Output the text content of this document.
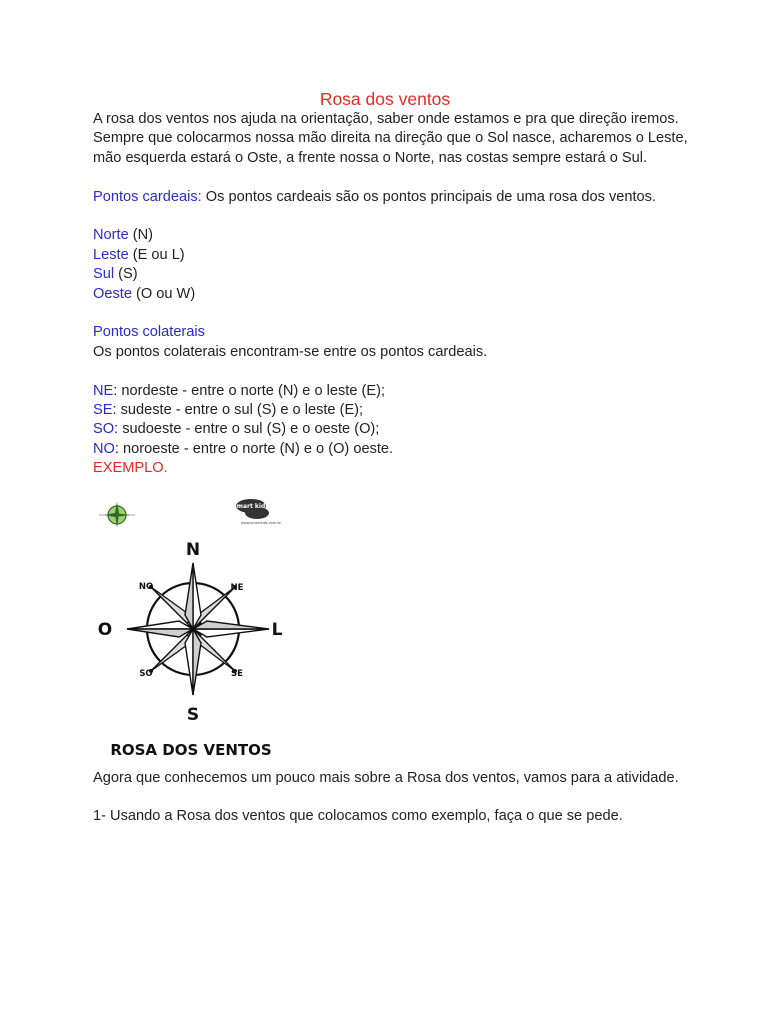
Rosa dos ventos

A rosa dos ventos nos ajuda na orientação, saber onde estamos e pra que direção iremos.

Sempre que colocarmos nossa mão direita na direção que o Sol nasce, acharemos o Leste, mão esquerda estará o Oste, a frente nossa o Norte, nas costas sempre estará o Sul.

Pontos cardeais: Os pontos cardeais são os pontos principais de uma rosa dos ventos.

Norte (N)

Leste (E ou L)

Sul (S)

Oeste (O ou W)

Pontos colaterais

Os pontos colaterais encontram-se entre os pontos cardeais.

NE: nordeste - entre o norte (N) e o leste (E);

SE: sudeste - entre o sul (S) e o leste (E);

SO: sudoeste - entre o sul (S) e o oeste (O);

NO: noroeste - entre o norte (N) e o (O) oeste.

EXEMPLO.

smart kids
www.smartkids.com.br
N
S
O	L
NO	NE
SO	SE
ROSA DOS VENTOS

Agora que conhecemos um pouco mais sobre a Rosa dos ventos, vamos para a atividade.

1- Usando a Rosa dos ventos que colocamos como exemplo, faça o que se pede.
